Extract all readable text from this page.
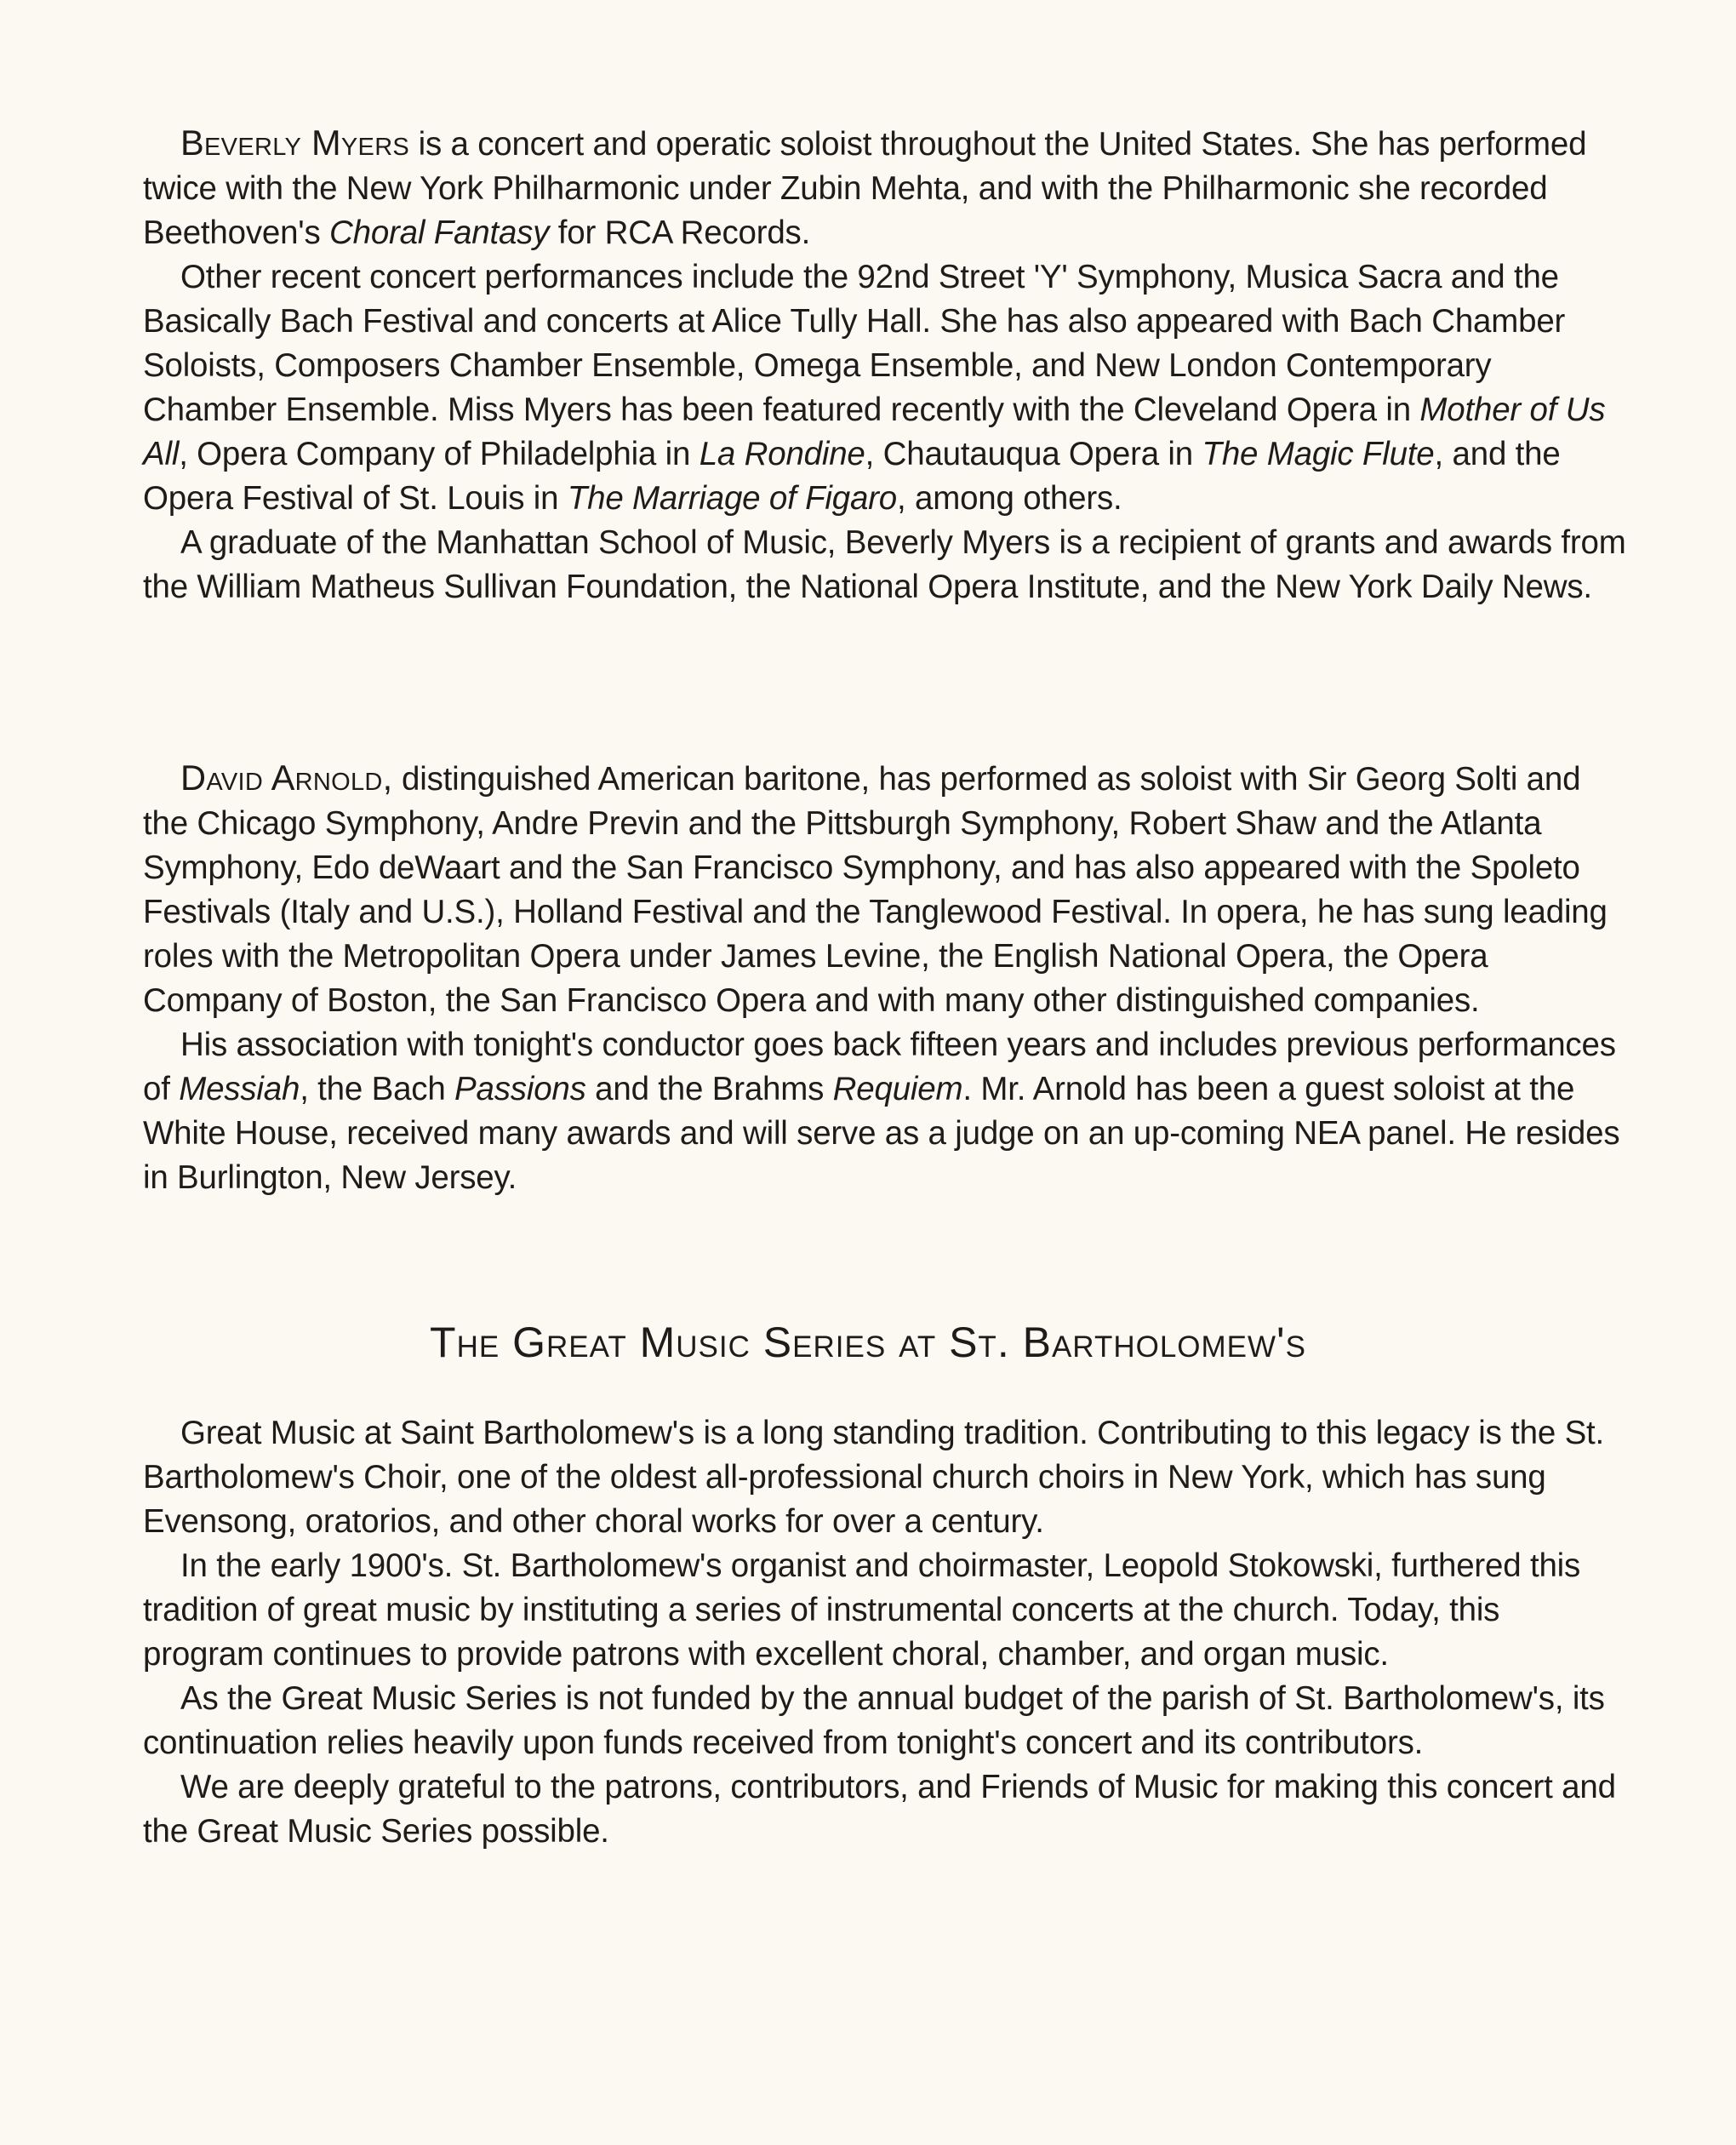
Beverly Myers is a concert and operatic soloist throughout the United States. She has performed twice with the New York Philharmonic under Zubin Mehta, and with the Philharmonic she recorded Beethoven's Choral Fantasy for RCA Records.

Other recent concert performances include the 92nd Street 'Y' Symphony, Musica Sacra and the Basically Bach Festival and concerts at Alice Tully Hall. She has also appeared with Bach Chamber Soloists, Composers Chamber Ensemble, Omega Ensemble, and New London Contemporary Chamber Ensemble. Miss Myers has been featured recently with the Cleveland Opera in Mother of Us All, Opera Company of Philadelphia in La Rondine, Chautauqua Opera in The Magic Flute, and the Opera Festival of St. Louis in The Marriage of Figaro, among others.

A graduate of the Manhattan School of Music, Beverly Myers is a recipient of grants and awards from the William Matheus Sullivan Foundation, the National Opera Institute, and the New York Daily News.

David Arnold, distinguished American baritone, has performed as soloist with Sir Georg Solti and the Chicago Symphony, Andre Previn and the Pittsburgh Symphony, Robert Shaw and the Atlanta Symphony, Edo deWaart and the San Francisco Symphony, and has also appeared with the Spoleto Festivals (Italy and U.S.), Holland Festival and the Tanglewood Festival. In opera, he has sung leading roles with the Metropolitan Opera under James Levine, the English National Opera, the Opera Company of Boston, the San Francisco Opera and with many other distinguished companies.

His association with tonight's conductor goes back fifteen years and includes previous performances of Messiah, the Bach Passions and the Brahms Requiem. Mr. Arnold has been a guest soloist at the White House, received many awards and will serve as a judge on an up-coming NEA panel. He resides in Burlington, New Jersey.

The Great Music Series at St. Bartholomew's

Great Music at Saint Bartholomew's is a long standing tradition. Contributing to this legacy is the St. Bartholomew's Choir, one of the oldest all-professional church choirs in New York, which has sung Evensong, oratorios, and other choral works for over a century.

In the early 1900's. St. Bartholomew's organist and choirmaster, Leopold Stokowski, furthered this tradition of great music by instituting a series of instrumental concerts at the church. Today, this program continues to provide patrons with excellent choral, chamber, and organ music.

As the Great Music Series is not funded by the annual budget of the parish of St. Bartholomew's, its continuation relies heavily upon funds received from tonight's concert and its contributors.

We are deeply grateful to the patrons, contributors, and Friends of Music for making this concert and the Great Music Series possible.
